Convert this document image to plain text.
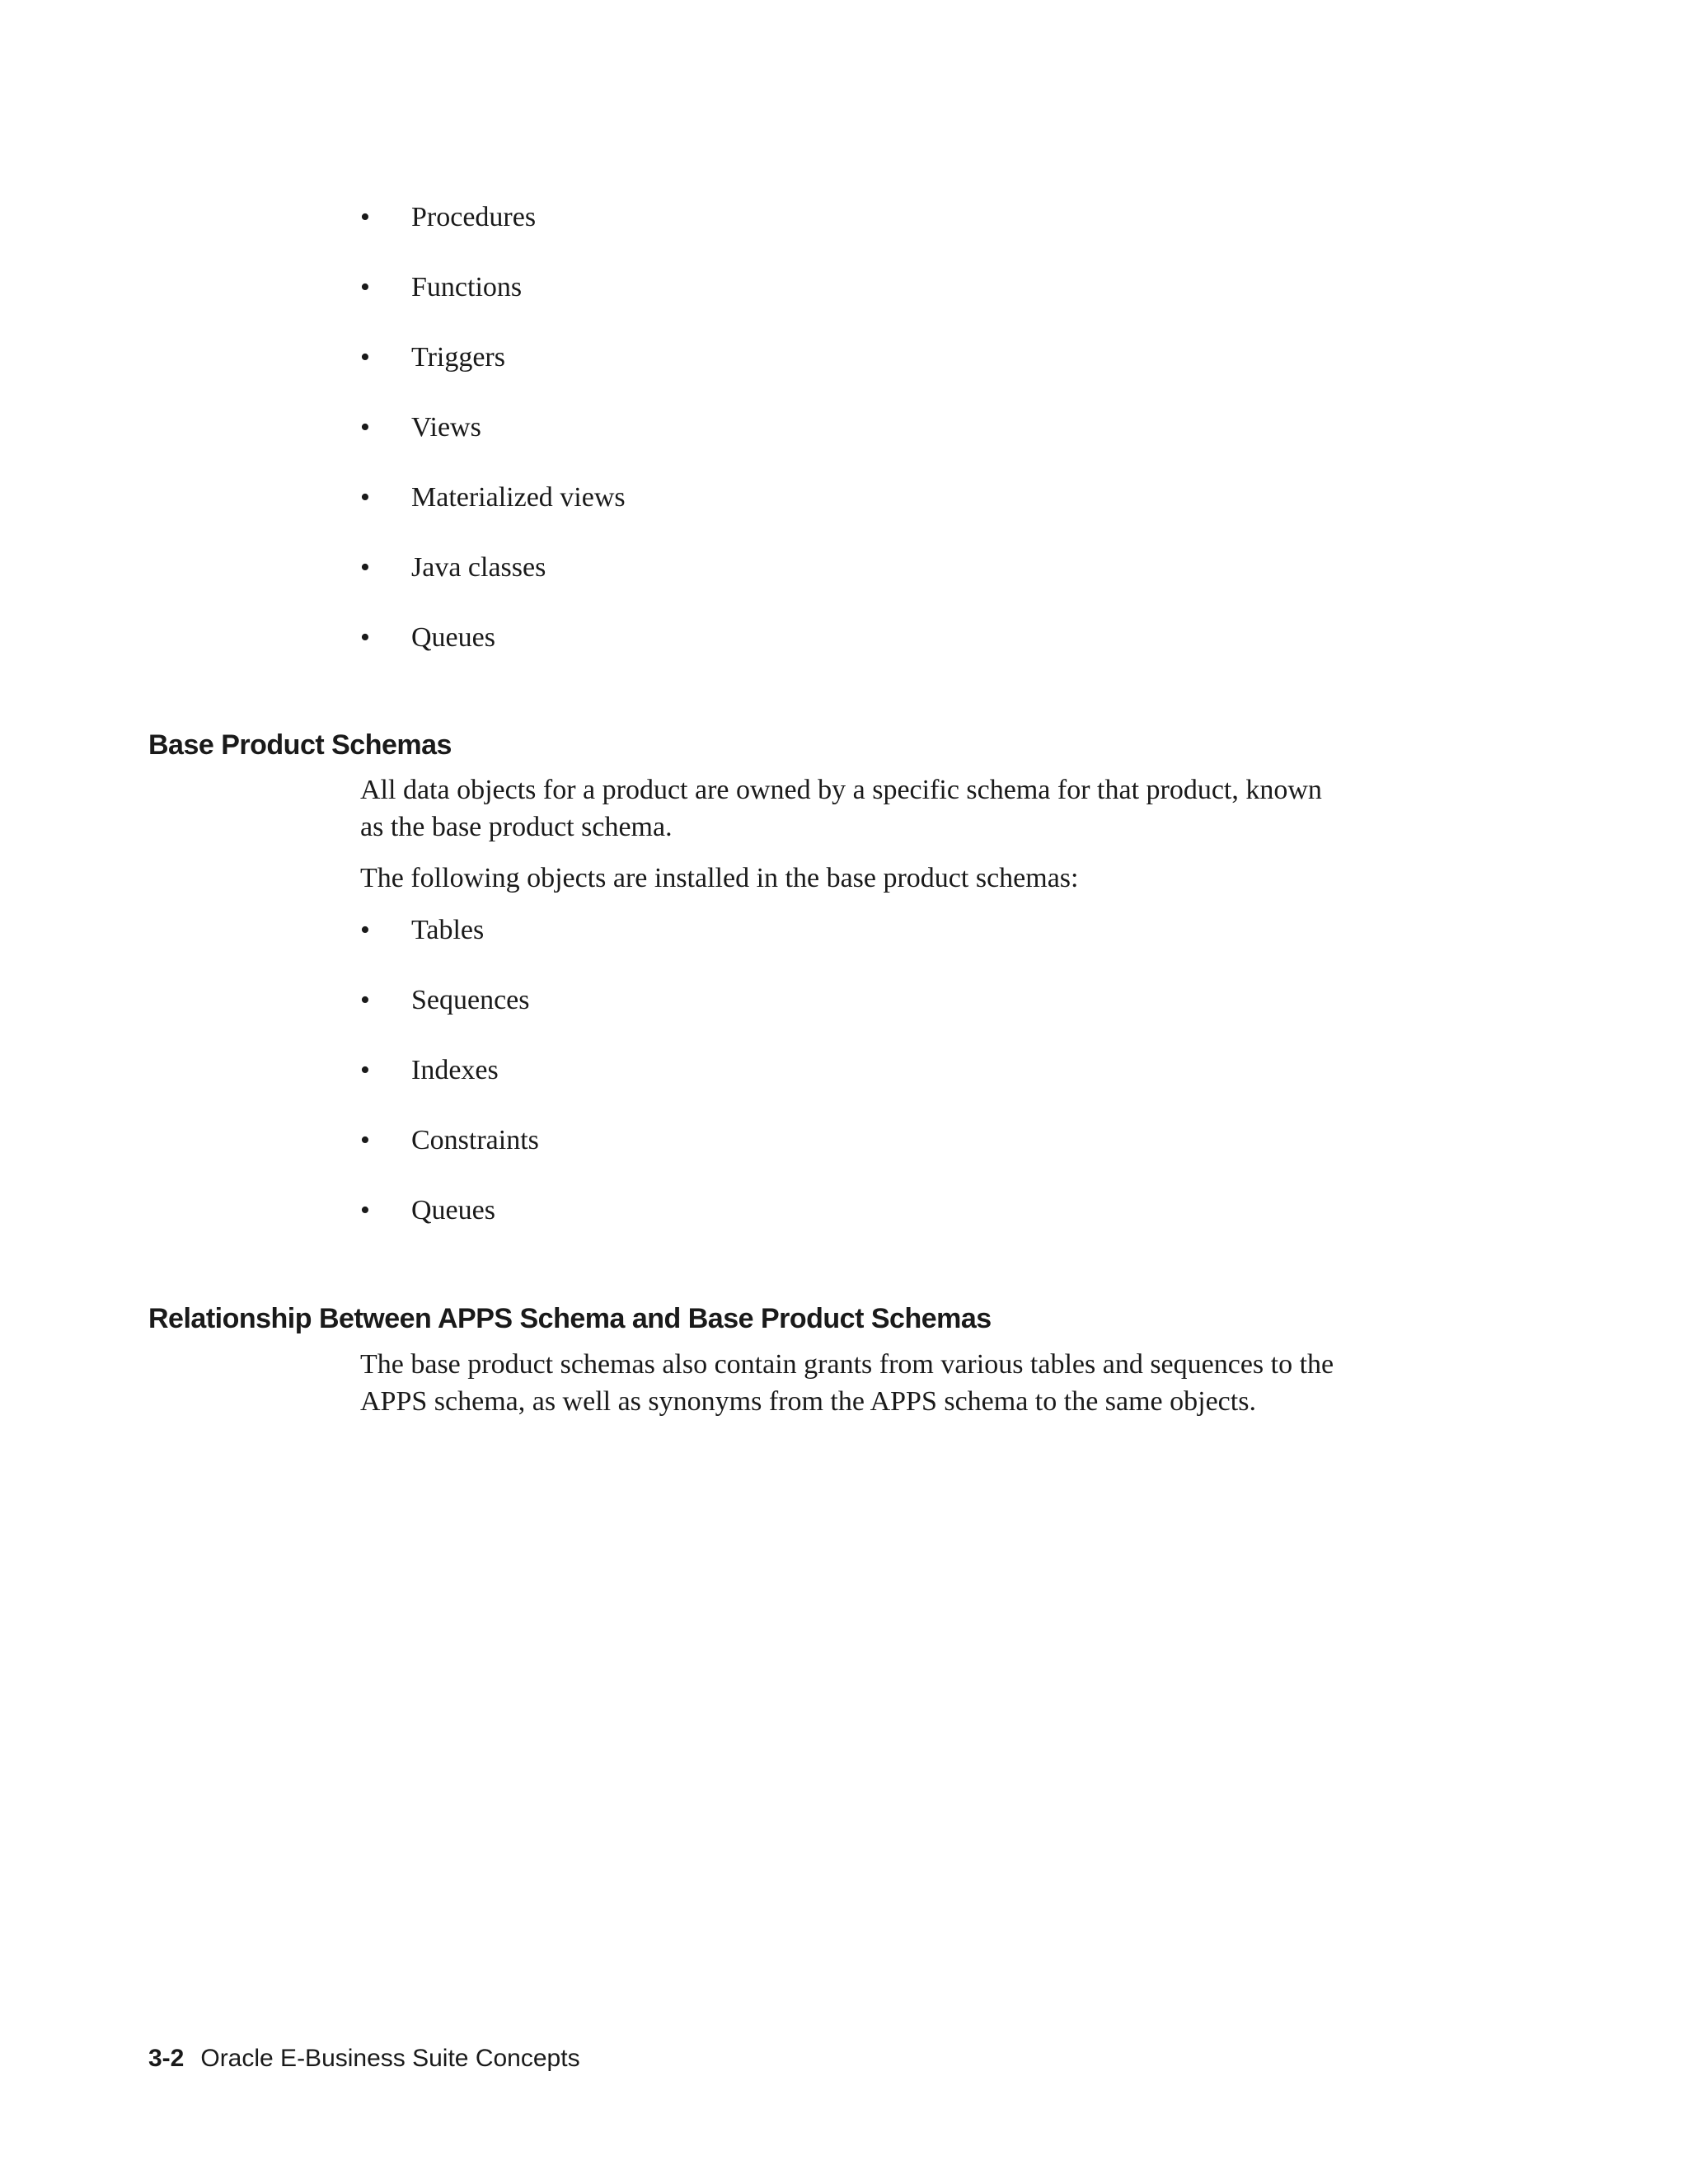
• Procedures
• Functions
• Triggers
• Views
• Materialized views
• Java classes
• Queues
Base Product Schemas

All data objects for a product are owned by a specific schema for that product, known
as the base product schema.

The following objects are installed in the base product schemas:

• Tables
• Sequences
• Indexes
• Constraints
• Queues
Relationship Between APPS Schema and Base Product Schemas

The base product schemas also contain grants from various tables and sequences to the
APPS schema, as well as synonyms from the APPS schema to the same objects.

3-2 Oracle E-Business Suite Concepts
